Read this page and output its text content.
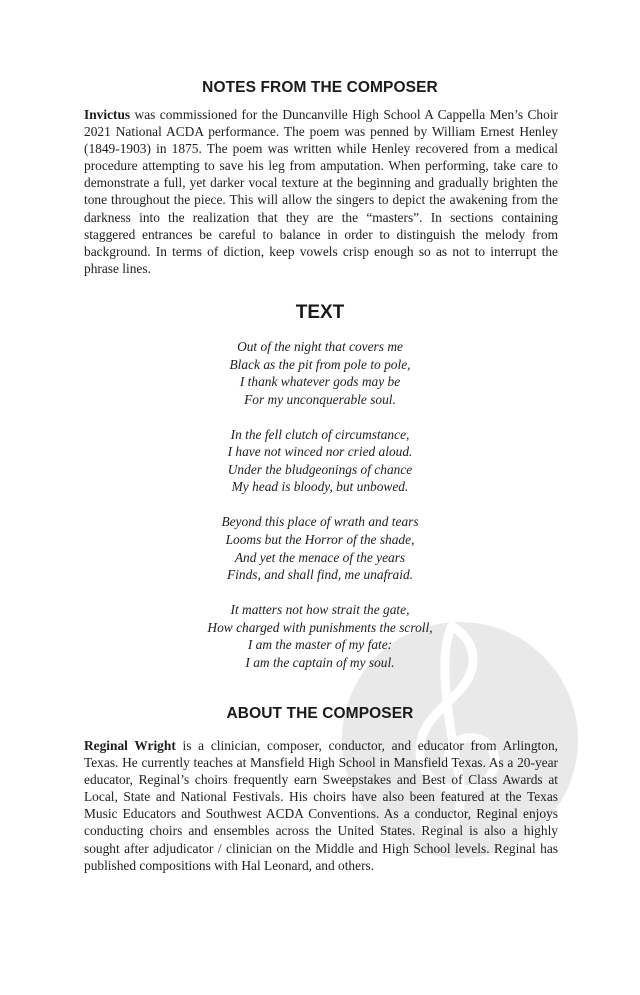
NOTES FROM THE COMPOSER

Invictus was commissioned for the Duncanville High School A Cappella Men’s Choir 2021 National ACDA performance. The poem was penned by William Ernest Henley (1849-1903) in 1875. The poem was written while Henley recovered from a medical procedure attempting to save his leg from amputation. When performing, take care to demonstrate a full, yet darker vocal texture at the beginning and gradually brighten the tone throughout the piece. This will allow the singers to depict the awakening from the darkness into the realization that they are the “masters”. In sections containing staggered entrances be careful to balance in order to distinguish the melody from background. In terms of diction, keep vowels crisp enough so as not to interrupt the phrase lines.

TEXT
Out of the night that covers me
Black as the pit from pole to pole,
I thank whatever gods may be
For my unconquerable soul.
In the fell clutch of circumstance,
I have not winced nor cried aloud.
Under the bludgeonings of chance
My head is bloody, but unbowed.
Beyond this place of wrath and tears
Looms but the Horror of the shade,
And yet the menace of the years
Finds, and shall find, me unafraid.
It matters not how strait the gate,
How charged with punishments the scroll,
I am the master of my fate:
I am the captain of my soul.
ABOUT THE COMPOSER

Reginal Wright is a clinician, composer, conductor, and educator from Arlington, Texas. He currently teaches at Mansfield High School in Mansfield Texas. As a 20-year educator, Reginal’s choirs frequently earn Sweepstakes and Best of Class Awards at Local, State and National Festivals. His choirs have also been featured at the Texas Music Educators and Southwest ACDA Conventions. As a conductor, Reginal enjoys conducting choirs and ensembles across the United States. Reginal is also a highly sought after adjudicator / clinician on the Middle and High School levels. Reginal has published compositions with Hal Leonard, and others.
